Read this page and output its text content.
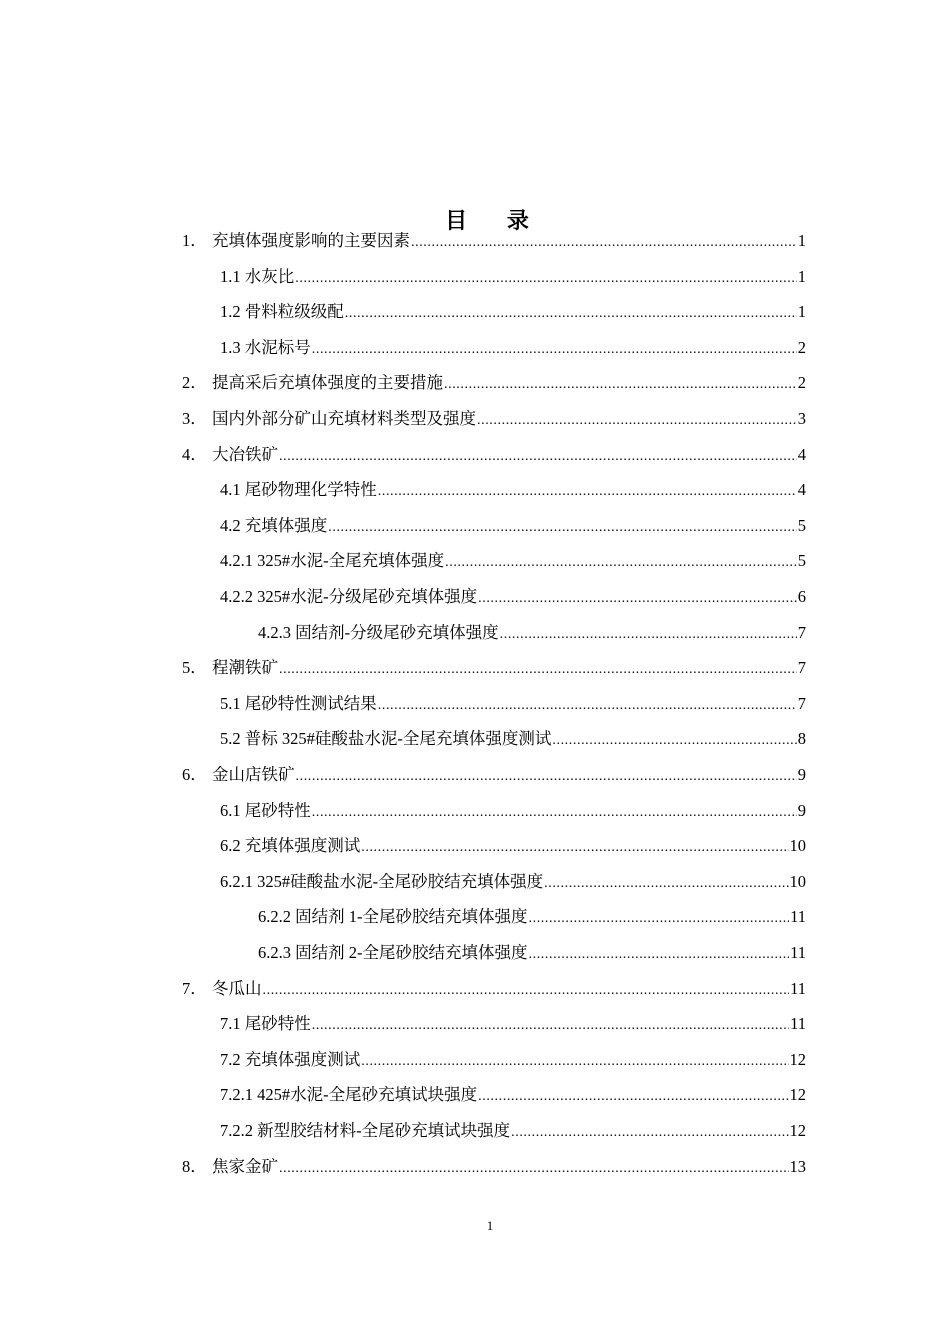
目 录
1． 充填体强度影响的主要因素 .....	1
1.1 水灰比 .....	1
1.2 骨料粒级级配 .....	1
1.3 水泥标号 .....	2
2． 提高采后充填体强度的主要措施 .....	2
3． 国内外部分矿山充填材料类型及强度 .....	3
4． 大冶铁矿 .....	4
4.1 尾砂物理化学特性 .....	4
4.2 充填体强度 .....	5
4.2.1 325#水泥-全尾充填体强度 .....	5
4.2.2 325#水泥-分级尾砂充填体强度 .....	6
4.2.3 固结剂-分级尾砂充填体强度 .....	7
5． 程潮铁矿 .....	7
5.1 尾砂特性测试结果 .....	7
5.2 普标 325#硅酸盐水泥-全尾充填体强度测试 .....	8
6． 金山店铁矿 .....	9
6.1 尾砂特性 .....	9
6.2 充填体强度测试 .....	10
6.2.1 325#硅酸盐水泥-全尾砂胶结充填体强度 .....	10
6.2.2 固结剂 1-全尾砂胶结充填体强度 .....	11
6.2.3 固结剂 2-全尾砂胶结充填体强度 .....	11
7． 冬瓜山 .....	11
7.1 尾砂特性 .....	11
7.2 充填体强度测试 .....	12
7.2.1 425#水泥-全尾砂充填试块强度 .....	12
7.2.2 新型胶结材料-全尾砂充填试块强度 .....	12
8． 焦家金矿 .....	13
1
